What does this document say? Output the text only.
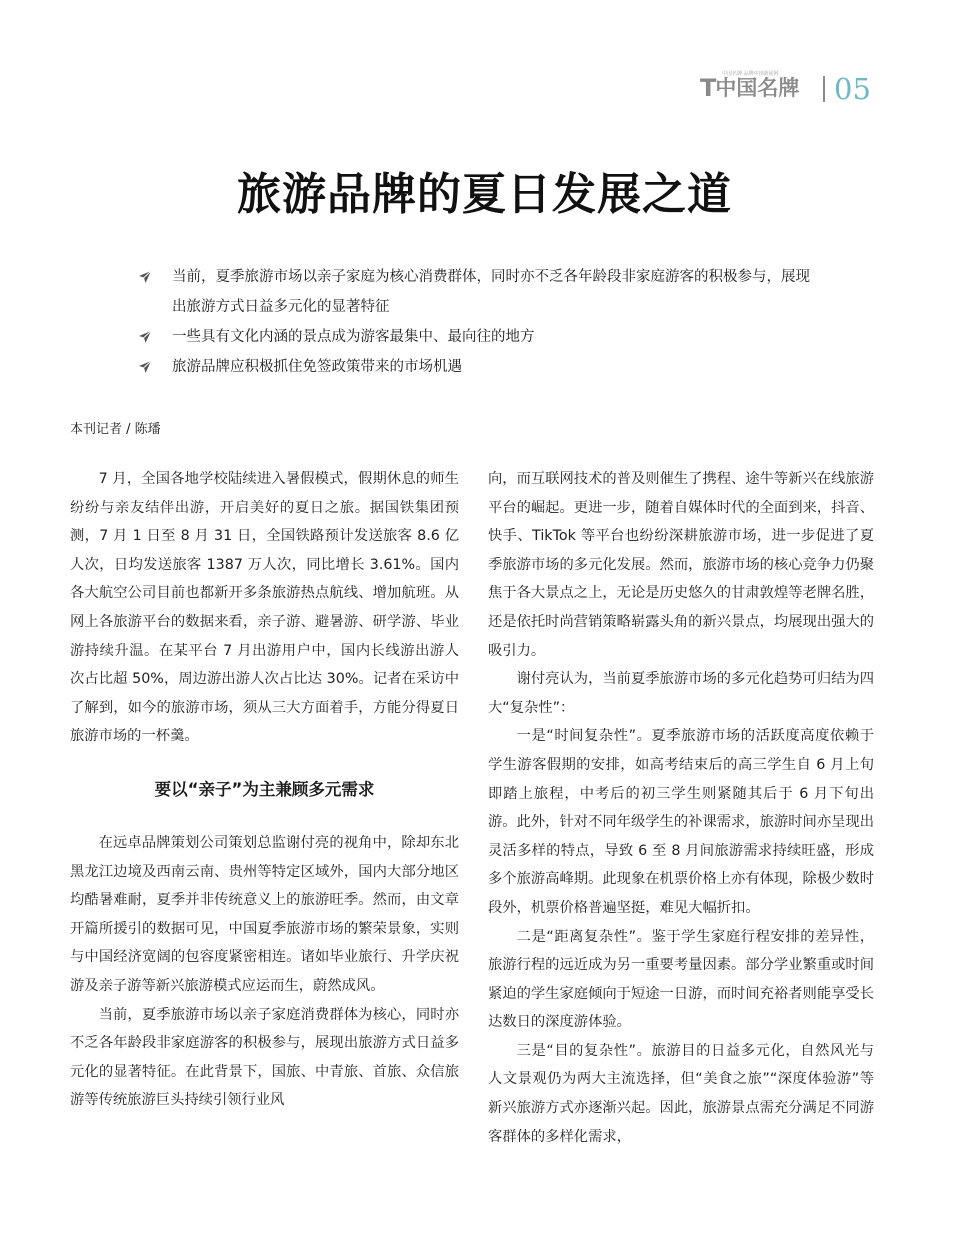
T 中国名牌
中国名牌·品牌中国新闻网 05
旅游品牌的夏日发展之道
当前，夏季旅游市场以亲子家庭为核心消费群体，同时亦不乏各年龄段非家庭游客的积极参与，展现出旅游方式日益多元化的显著特征
一些具有文化内涵的景点成为游客最集中、最向往的地方
旅游品牌应积极抓住免签政策带来的市场机遇
本刊记者 / 陈璠

7 月，全国各地学校陆续进入暑假模式，假期休息的师生纷纷与亲友结伴出游，开启美好的夏日之旅。据国铁集团预测，7 月 1 日至 8 月 31 日，全国铁路预计发送旅客 8.6 亿人次，日均发送旅客 1387 万人次，同比增长 3.61%。国内各大航空公司目前也都新开多条旅游热点航线、增加航班。从网上各旅游平台的数据来看，亲子游、避暑游、研学游、毕业游持续升温。在某平台 7 月出游用户中，国内长线游出游人次占比超 50%，周边游出游人次占比达 30%。记者在采访中了解到，如今的旅游市场，须从三大方面着手，方能分得夏日旅游市场的一杯羹。

要以“亲子”为主兼顾多元需求

在远卓品牌策划公司策划总监谢付亮的视角中，除却东北黑龙江边境及西南云南、贵州等特定区域外，国内大部分地区均酷暑难耐，夏季并非传统意义上的旅游旺季。然而，由文章开篇所援引的数据可见，中国夏季旅游市场的繁荣景象，实则与中国经济宽阔的包容度紧密相连。诸如毕业旅行、升学庆祝游及亲子游等新兴旅游模式应运而生，蔚然成风。

当前，夏季旅游市场以亲子家庭消费群体为核心，同时亦不乏各年龄段非家庭游客的积极参与，展现出旅游方式日益多元化的显著特征。在此背景下，国旅、中青旅、首旅、众信旅游等传统旅游巨头持续引领行业风

向，而互联网技术的普及则催生了携程、途牛等新兴在线旅游平台的崛起。更进一步，随着自媒体时代的全面到来，抖音、快手、TikTok 等平台也纷纷深耕旅游市场，进一步促进了夏季旅游市场的多元化发展。然而，旅游市场的核心竞争力仍聚焦于各大景点之上，无论是历史悠久的甘肃敦煌等老牌名胜，还是依托时尚营销策略崭露头角的新兴景点，均展现出强大的吸引力。

谢付亮认为，当前夏季旅游市场的多元化趋势可归结为四大“复杂性”：

一是“时间复杂性”。夏季旅游市场的活跃度高度依赖于学生游客假期的安排，如高考结束后的高三学生自 6 月上旬即踏上旅程，中考后的初三学生则紧随其后于 6 月下旬出游。此外，针对不同年级学生的补课需求，旅游时间亦呈现出灵活多样的特点，导致 6 至 8 月间旅游需求持续旺盛，形成多个旅游高峰期。此现象在机票价格上亦有体现，除极少数时段外，机票价格普遍坚挺，难见大幅折扣。

二是“距离复杂性”。鉴于学生家庭行程安排的差异性，旅游行程的远近成为另一重要考量因素。部分学业繁重或时间紧迫的学生家庭倾向于短途一日游，而时间充裕者则能享受长达数日的深度游体验。

三是“目的复杂性”。旅游目的日益多元化，自然风光与人文景观仍为两大主流选择，但“美食之旅”“深度体验游”等新兴旅游方式亦逐渐兴起。因此，旅游景点需充分满足不同游客群体的多样化需求，
